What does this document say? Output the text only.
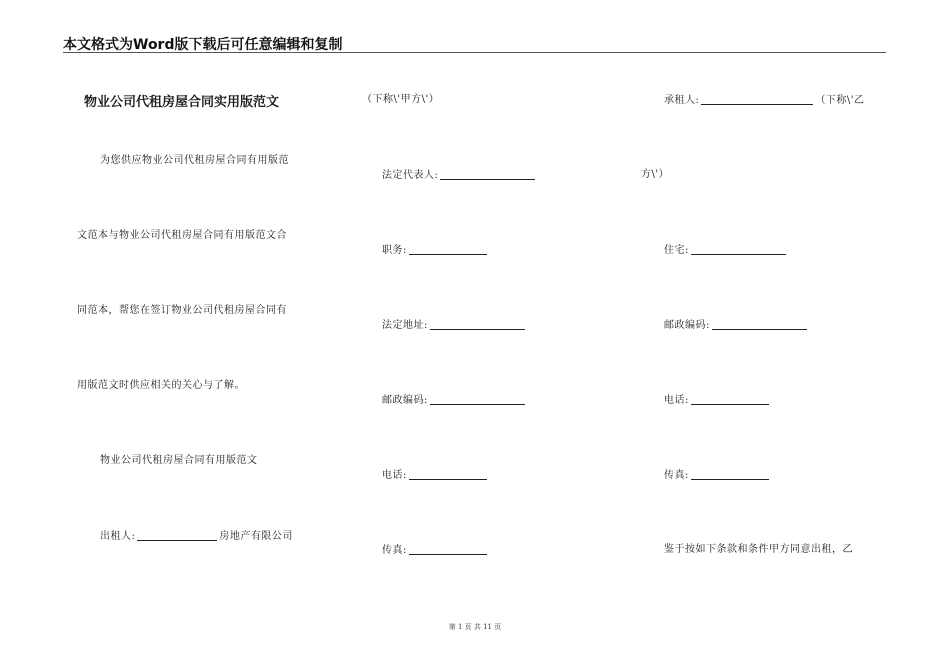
本文格式为Word版下载后可任意编辑和复制
物业公司代租房屋合同实用版范文
为您供应物业公司代租房屋合同有用版范
文范本与物业公司代租房屋合同有用版范文合
同范本，帮您在签订物业公司代租房屋合同有
用版范文时供应相关的关心与了解。
物业公司代租房屋合同有用版范文
出租人:	房地产有限公司
（下称\'甲方\'）
法定代表人:
职务:
法定地址:
邮政编码:
电话:
传真:
承租人:	（下称\'乙
方\'）
住宅:
邮政编码:
电话:
传真:
鉴于按如下条款和条件甲方同意出租，乙
第 1 页 共 11 页
